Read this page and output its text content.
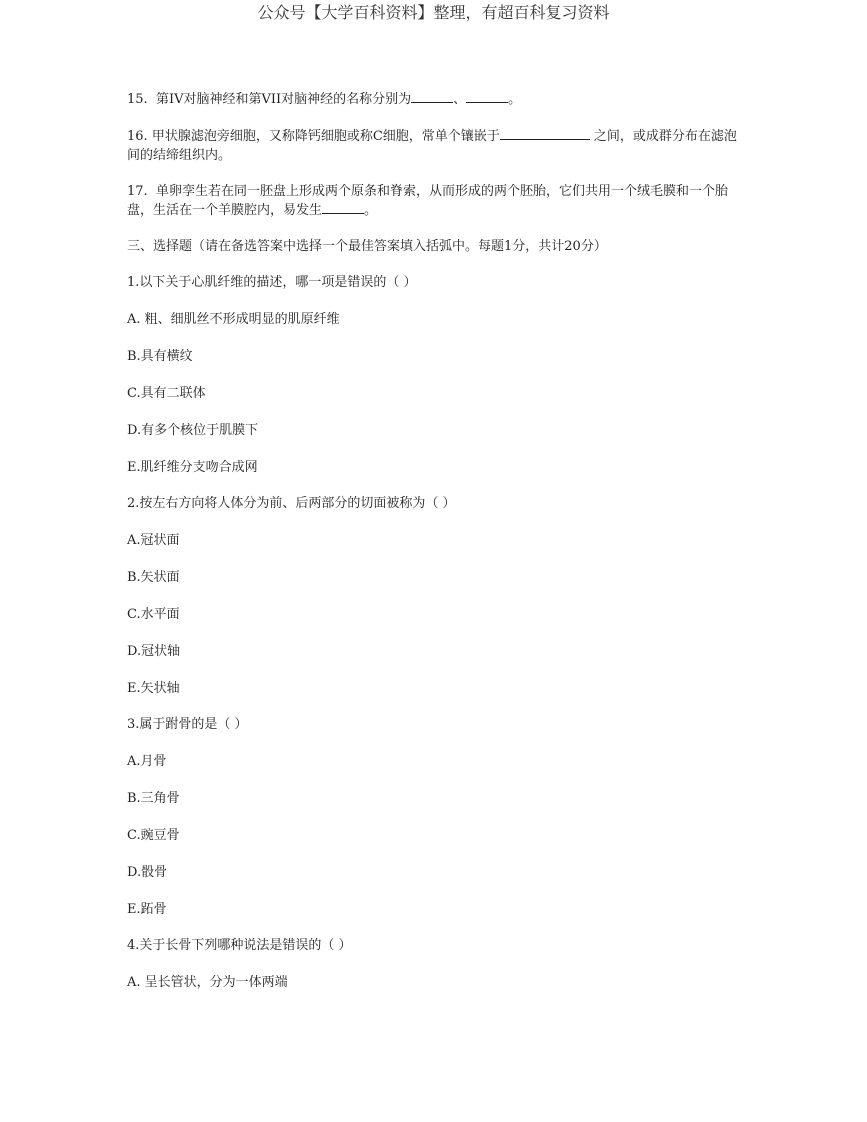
公众号【大学百科资料】整理，有超百科复习资料

15. 第IV对脑神经和第VII对脑神经的名称分别为	、	。

16. 甲状腺滤泡旁细胞，又称降钙细胞或称C细胞，常单个镶嵌于	之间，或成群分布在滤泡间的结缔组织内。

17. 单卵孪生若在同一胚盘上形成两个原条和脊索，从而形成的两个胚胎，它们共用一个绒毛膜和一个胎盘，生活在一个羊膜腔内，易发生	。

三、选择题（请在备选答案中选择一个最佳答案填入括弧中。每题1分，共计20分）

1.以下关于心肌纤维的描述，哪一项是错误的（ ）

A. 粗、细肌丝不形成明显的肌原纤维

B.具有横纹

C.具有二联体

D.有多个核位于肌膜下

E.肌纤维分支吻合成网

2.按左右方向将人体分为前、后两部分的切面被称为（ ）

A.冠状面

B.矢状面

C.水平面

D.冠状轴

E.矢状轴

3.属于跗骨的是（ ）

A.月骨

B.三角骨

C.豌豆骨

D.骰骨

E.跖骨

4.关于长骨下列哪种说法是错误的（ ）

A. 呈长管状，分为一体两端
